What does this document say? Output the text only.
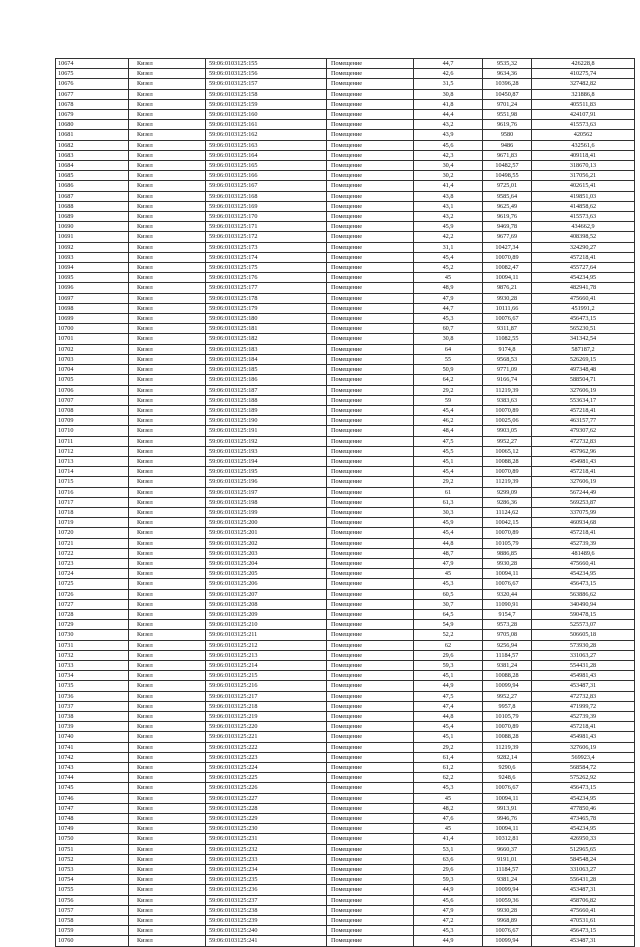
10674	Кизел	59:06:0103125:155	Помещение	44,7	9535,32	426228,8
10675	Кизел	59:06:0103125:156	Помещение	42,6	9634,36	410275,74
10676	Кизел	59:06:0103125:157	Помещение	31,5	10396,28	327482,82
10677	Кизел	59:06:0103125:158	Помещение	30,8	10450,87	321886,8
10678	Кизел	59:06:0103125:159	Помещение	41,8	9701,24	405511,83
10679	Кизел	59:06:0103125:160	Помещение	44,4	9551,98	424107,91
10680	Кизел	59:06:0103125:161	Помещение	43,2	9619,76	415573,63
10681	Кизел	59:06:0103125:162	Помещение	43,9	9580	420562
10682	Кизел	59:06:0103125:163	Помещение	45,6	9486	432561,6
10683	Кизел	59:06:0103125:164	Помещение	42,3	9671,83	409118,41
10684	Кизел	59:06:0103125:165	Помещение	30,4	10482,57	318670,13
10685	Кизел	59:06:0103125:166	Помещение	30,2	10498,55	317056,21
10686	Кизел	59:06:0103125:167	Помещение	41,4	9725,01	402615,41
10687	Кизел	59:06:0103125:168	Помещение	43,8	9585,64	419851,03
10688	Кизел	59:06:0103125:169	Помещение	43,1	9625,49	414858,62
10689	Кизел	59:06:0103125:170	Помещение	43,2	9619,76	415573,63
10690	Кизел	59:06:0103125:171	Помещение	45,9	9469,78	434662,9
10691	Кизел	59:06:0103125:172	Помещение	42,2	9677,69	408398,52
10692	Кизел	59:06:0103125:173	Помещение	31,1	10427,34	324290,27
10693	Кизел	59:06:0103125:174	Помещение	45,4	10070,89	457218,41
10694	Кизел	59:06:0103125:175	Помещение	45,2	10082,47	455727,64
10695	Кизел	59:06:0103125:176	Помещение	45	10094,11	454234,95
10696	Кизел	59:06:0103125:177	Помещение	48,9	9876,21	482941,78
10697	Кизел	59:06:0103125:178	Помещение	47,9	9930,28	475660,41
10698	Кизел	59:06:0103125:179	Помещение	44,7	10111,66	451991,2
10699	Кизел	59:06:0103125:180	Помещение	45,3	10076,67	456473,15
10700	Кизел	59:06:0103125:181	Помещение	60,7	9311,87	565230,51
10701	Кизел	59:06:0103125:182	Помещение	30,8	11082,55	341342,54
10702	Кизел	59:06:0103125:183	Помещение	64	9174,8	587187,2
10703	Кизел	59:06:0103125:184	Помещение	55	9568,53	526269,15
10704	Кизел	59:06:0103125:185	Помещение	50,9	9771,09	497348,48
10705	Кизел	59:06:0103125:186	Помещение	64,2	9166,74	588504,71
10706	Кизел	59:06:0103125:187	Помещение	29,2	11219,39	327606,19
10707	Кизел	59:06:0103125:188	Помещение	59	9383,63	553634,17
10708	Кизел	59:06:0103125:189	Помещение	45,4	10070,89	457218,41
10709	Кизел	59:06:0103125:190	Помещение	46,2	10025,06	463157,77
10710	Кизел	59:06:0103125:191	Помещение	48,4	9903,05	479307,62
10711	Кизел	59:06:0103125:192	Помещение	47,5	9952,27	472732,83
10712	Кизел	59:06:0103125:193	Помещение	45,5	10065,12	457962,96
10713	Кизел	59:06:0103125:194	Помещение	45,1	10088,28	454981,43
10714	Кизел	59:06:0103125:195	Помещение	45,4	10070,89	457218,41
10715	Кизел	59:06:0103125:196	Помещение	29,2	11219,39	327606,19
10716	Кизел	59:06:0103125:197	Помещение	61	9299,09	567244,49
10717	Кизел	59:06:0103125:198	Помещение	61,3	9286,36	569253,87
10718	Кизел	59:06:0103125:199	Помещение	30,3	11124,62	337075,99
10719	Кизел	59:06:0103125:200	Помещение	45,9	10042,15	460934,68
10720	Кизел	59:06:0103125:201	Помещение	45,4	10070,89	457218,41
10721	Кизел	59:06:0103125:202	Помещение	44,8	10105,79	452739,39
10722	Кизел	59:06:0103125:203	Помещение	48,7	9886,85	481489,6
10723	Кизел	59:06:0103125:204	Помещение	47,9	9930,28	475660,41
10724	Кизел	59:06:0103125:205	Помещение	45	10094,11	454234,95
10725	Кизел	59:06:0103125:206	Помещение	45,3	10076,67	456473,15
10726	Кизел	59:06:0103125:207	Помещение	60,5	9320,44	563886,62
10727	Кизел	59:06:0103125:208	Помещение	30,7	11090,91	340490,94
10728	Кизел	59:06:0103125:209	Помещение	64,5	9154,7	590478,15
10729	Кизел	59:06:0103125:210	Помещение	54,9	9573,28	525573,07
10730	Кизел	59:06:0103125:211	Помещение	52,2	9705,08	506605,18
10731	Кизел	59:06:0103125:212	Помещение	62	9256,94	573930,28
10732	Кизел	59:06:0103125:213	Помещение	29,6	11184,57	331063,27
10733	Кизел	59:06:0103125:214	Помещение	59,3	9381,24	554431,28
10734	Кизел	59:06:0103125:215	Помещение	45,1	10088,28	454981,43
10735	Кизел	59:06:0103125:216	Помещение	44,9	10099,94	453487,31
10736	Кизел	59:06:0103125:217	Помещение	47,5	9952,27	472732,83
10737	Кизел	59:06:0103125:218	Помещение	47,4	9957,8	471999,72
10738	Кизел	59:06:0103125:219	Помещение	44,8	10105,79	452739,39
10739	Кизел	59:06:0103125:220	Помещение	45,4	10070,89	457218,41
10740	Кизел	59:06:0103125:221	Помещение	45,1	10088,28	454981,43
10741	Кизел	59:06:0103125:222	Помещение	29,2	11219,39	327606,19
10742	Кизел	59:06:0103125:223	Помещение	61,4	9282,14	569923,4
10743	Кизел	59:06:0103125:224	Помещение	61,2	9290,6	568584,72
10744	Кизел	59:06:0103125:225	Помещение	62,2	9248,6	575262,92
10745	Кизел	59:06:0103125:226	Помещение	45,3	10076,67	456473,15
10746	Кизел	59:06:0103125:227	Помещение	45	10094,11	454234,95
10747	Кизел	59:06:0103125:228	Помещение	48,2	9913,91	477850,46
10748	Кизел	59:06:0103125:229	Помещение	47,6	9946,76	473465,78
10749	Кизел	59:06:0103125:230	Помещение	45	10094,11	454234,95
10750	Кизел	59:06:0103125:231	Помещение	41,4	10312,81	426950,33
10751	Кизел	59:06:0103125:232	Помещение	53,1	9660,37	512965,65
10752	Кизел	59:06:0103125:233	Помещение	63,6	9191,01	584548,24
10753	Кизел	59:06:0103125:234	Помещение	29,6	11184,57	331063,27
10754	Кизел	59:06:0103125:235	Помещение	59,3	9381,24	556431,28
10755	Кизел	59:06:0103125:236	Помещение	44,9	10099,94	453487,31
10756	Кизел	59:06:0103125:237	Помещение	45,6	10059,36	458706,82
10757	Кизел	59:06:0103125:238	Помещение	47,9	9930,28	475660,41
10758	Кизел	59:06:0103125:239	Помещение	47,2	9968,89	470531,61
10759	Кизел	59:06:0103125:240	Помещение	45,3	10076,67	456473,15
10760	Кизел	59:06:0103125:241	Помещение	44,9	10099,94	453487,31
